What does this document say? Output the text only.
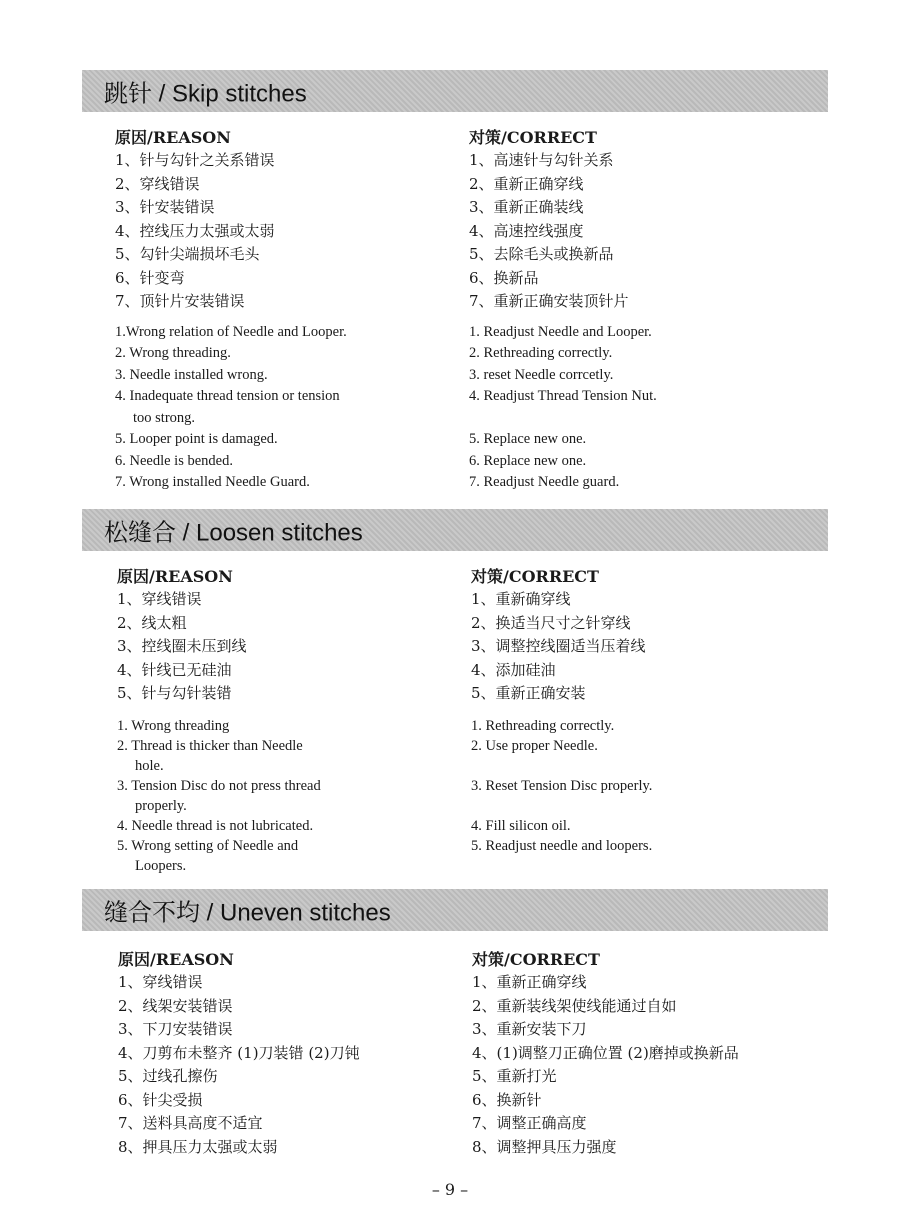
跳针 / Skip stitches
原因/REASON
1、针与勾针之关系错误
2、穿线错误
3、针安装错误
4、控线压力太强或太弱
5、勾针尖端损坏毛头
6、针变弯
7、顶针片安装错误
1.Wrong relation of Needle and Looper.
2. Wrong threading.
3. Needle installed wrong.
4. Inadequate thread tension or tension
too strong.
5. Looper point is damaged.
6. Needle is bended.
7. Wrong installed Needle Guard.
对策/CORRECT
1、高速针与勾针关系
2、重新正确穿线
3、重新正确装线
4、高速控线强度
5、去除毛头或换新品
6、换新品
7、重新正确安装顶针片
1. Readjust Needle and Looper.
2. Rethreading correctly.
3. reset Needle corrcetly.
4. Readjust Thread Tension Nut.
5. Replace new one.
6. Replace new one.
7. Readjust Needle guard.
松缝合 / Loosen stitches
原因/REASON
1、穿线错误
2、线太粗
3、控线圈未压到线
4、针线已无硅油
5、针与勾针装错
1. Wrong threading
2. Thread is thicker than Needle
hole.
3. Tension Disc do not press thread
properly.
4. Needle thread is not lubricated.
5. Wrong setting of Needle and
Loopers.
对策/CORRECT
1、重新确穿线
2、换适当尺寸之针穿线
3、调整控线圈适当压着线
4、添加硅油
5、重新正确安装
1. Rethreading correctly.
2. Use proper Needle.
3. Reset Tension Disc properly.
4. Fill silicon oil.
5. Readjust needle and loopers.
缝合不均 / Uneven stitches
原因/REASON
1、穿线错误
2、线架安装错误
3、下刀安装错误
4、刀剪布未整齐 (1)刀装错 (2)刀钝
5、过线孔擦伤
6、针尖受损
7、送料具高度不适宜
8、押具压力太强或太弱
对策/CORRECT
1、重新正确穿线
2、重新装线架使线能通过自如
3、重新安装下刀
4、(1)调整刀正确位置 (2)磨掉或换新品
5、重新打光
6、换新针
7、调整正确高度
8、调整押具压力强度
– 9 –
